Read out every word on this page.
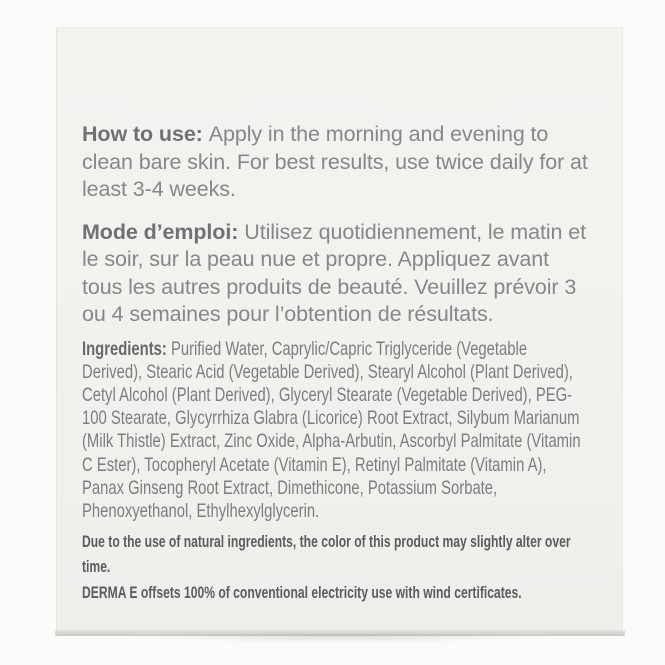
How to use: Apply in the morning and evening to clean bare skin. For best results, use twice daily for at least 3-4 weeks.

Mode d’emploi: Utilisez quotidiennement, le matin et le soir, sur la peau nue et propre. Appliquez avant tous les autres produits de beauté. Veuillez prévoir 3 ou 4 semaines pour l’obtention de résultats.

Ingredients: Purified Water, Caprylic/Capric Triglyceride (Vegetable Derived), Stearic Acid (Vegetable Derived), Stearyl Alcohol (Plant Derived), Cetyl Alcohol (Plant Derived), Glyceryl Stearate (Vegetable Derived), PEG-100 Stearate, Glycyrrhiza Glabra (Licorice) Root Extract, Silybum Marianum (Milk Thistle) Extract, Zinc Oxide, Alpha-Arbutin, Ascorbyl Palmitate (Vitamin C Ester), Tocopheryl Acetate (Vitamin E), Retinyl Palmitate (Vitamin A), Panax Ginseng Root Extract, Dimethicone, Potassium Sorbate, Phenoxyethanol, Ethylhexylglycerin.

Due to the use of natural ingredients, the color of this product may slightly alter over time.

DERMA E offsets 100% of conventional electricity use with wind certificates.
